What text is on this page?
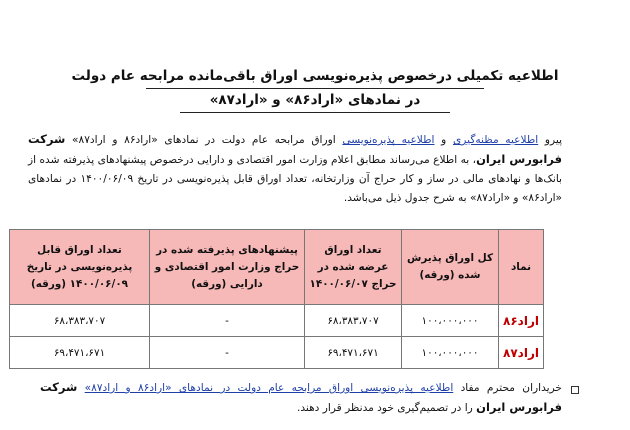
اطلاعیه تکمیلی درخصوص پذیره‌نویسی اوراق باقی‌مانده مرابحه عام دولت
در نمادهای «اراد۸۶» و «اراد۸۷»
پیرو اطلاعیه مظنه‌گیری و اطلاعیه پذیره‌نویسی اوراق مرابحه عام دولت در نمادهای «اراد۸۶ و اراد۸۷» شرکت فرابورس ایران، به اطلاع می‌رساند مطابق اعلام وزارت امور اقتصادی و دارایی درخصوص پیشنهادهای پذیرفته شده از بانک‌ها و نهادهای مالی در ساز و کار حراج آن وزارتخانه، تعداد اوراق قابل پذیره‌نویسی در تاریخ ۱۴۰۰/۰۶/۰۹ در نمادهای «اراد۸۶» و «اراد۸۷» به شرح جدول ذیل می‌باشد.
نماد	کل اوراق پذیرش شده (ورقه)	تعداد اوراق عرضه شده در حراج ۱۴۰۰/۰۶/۰۷	پیشنهادهای پذیرفته شده در حراج وزارت امور اقتصادی و دارایی (ورقه)	تعداد اوراق قابل پذیره‌نویسی در تاریخ ۱۴۰۰/۰۶/۰۹ (ورقه)
اراد۸۶	۱۰۰،۰۰۰،۰۰۰	۶۸،۳۸۳،۷۰۷	-	۶۸،۳۸۳،۷۰۷
اراد۸۷	۱۰۰،۰۰۰،۰۰۰	۶۹،۴۷۱،۶۷۱	-	۶۹،۴۷۱،۶۷۱
خریداران محترم مفاد اطلاعیه پذیره‌نویسی اوراق مرابحه عام دولت در نمادهای «اراد۸۶ و اراد۸۷» شرکت فرابورس ایران را در تصمیم‌گیری خود مدنظر قرار دهند.
